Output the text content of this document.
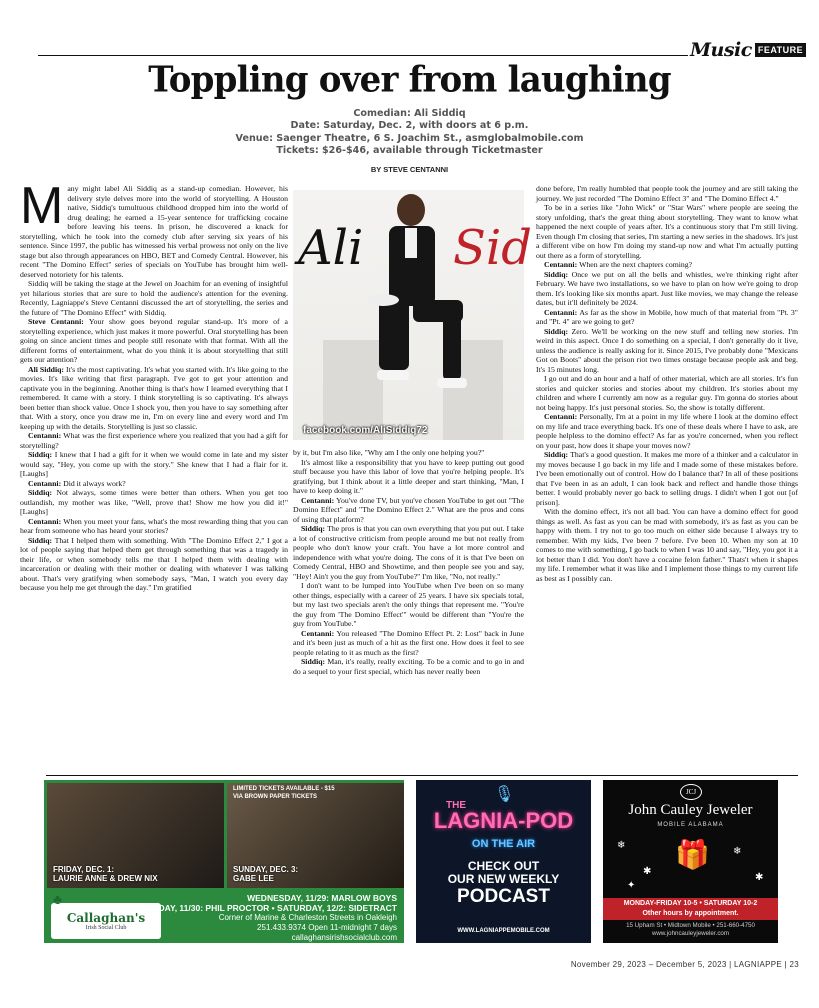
Music FEATURE
Toppling over from laughing
Comedian: Ali Siddiq
Date: Saturday, Dec. 2, with doors at 6 p.m.
Venue: Saenger Theatre, 6 S. Joachim St., asmglobalmobile.com
Tickets: $26-$46, available through Ticketmaster
BY STEVE CENTANNI
M any might label Ali Siddiq as a stand-up comedian. However, his delivery style delves more into the world of storytelling. A Houston native, Siddiq's tumultuous childhood dropped him into the world of drug dealing; he earned a 15-year sentence for trafficking cocaine before leaving his teens. In prison, he discovered a knack for storytelling, which he took into the comedy club after serving six years of his sentence. Since 1997, the public has witnessed his verbal prowess not only on the live stage but also through appearances on HBO, BET and Comedy Central. However, his recent "The Domino Effect" series of specials on YouTube has brought him well-deserved notoriety for his talents.

Siddiq will be taking the stage at the Jewel on Joachim for an evening of insightful yet hilarious stories that are sure to hold the audience's attention for the evening. Recently, Lagniappe's Steve Centanni discussed the art of storytelling, the series and the future of "The Domino Effect" with Siddiq.

Steve Centanni: Your show goes beyond regular stand-up. It's more of a storytelling experience, which just makes it more powerful. Oral storytelling has been going on since ancient times and people still resonate with that format. With all the different forms of entertainment, what do you think it is about storytelling that still gets our attention?

Ali Siddiq: It's the most captivating. It's what you started with. It's like going to the movies. It's like writing that first paragraph. I've got to get your attention and captivate you in the beginning. Another thing is that's how I learned everything that I remembered. It came with a story. I think storytelling is so captivating. It's always been better than shock value. Once I shock you, then you have to say something after that. With a story, once you draw me in, I'm on every line and every word and I'm keeping up with the details. Storytelling is just so classic.

Centanni: What was the first experience where you realized that you had a gift for storytelling?

Siddiq: I knew that I had a gift for it when we would come in late and my sister would say, "Hey, you come up with the story." She knew that I had a flair for it. [Laughs]

Centanni: Did it always work?

Siddiq: Not always, some times were better than others. When you get too outlandish, my mother was like, "Well, prove that! Show me how you did it!" [Laughs]

Centanni: When you meet your fans, what's the most rewarding thing that you can hear from someone who has heard your stories?

Siddiq: That I helped them with something. With "The Domino Effect 2," I got a lot of people saying that helped them get through something that was a tragedy in their life, or when somebody tells me that I helped them with dealing with incarceration or dealing with their mother or dealing with whatever I was talking about. That's very gratifying when somebody says, "Man, I watch you every day because you help me get through the day." I'm gratified

Ali Sid
facebook.com/AliSiddiq72

by it, but I'm also like, "Why am I the only one helping you?"

It's almost like a responsibility that you have to keep putting out good stuff because you have this labor of love that you're helping people. It's gratifying, but I think about it a little deeper and start thinking, "Man, I have to keep doing it."

Centanni: You've done TV, but you've chosen YouTube to get out "The Domino Effect" and "The Domino Effect 2." What are the pros and cons of using that platform?

Siddiq: The pros is that you can own everything that you put out. I take a lot of constructive criticism from people around me but not really from people who don't know your craft. You have a lot more control and independence with what you're doing. The cons of it is that I've been on Comedy Central, HBO and Showtime, and then people see you and say, "Hey! Ain't you the guy from YouTube?" I'm like, "No, not really."

I don't want to be lumped into YouTube when I've been on so many other things, especially with a career of 25 years. I have six specials total, but my last two specials aren't the only things that represent me. "You're the guy from 'The Domino Effect'" would be different than "You're the guy from YouTube."

Centanni: You released "The Domino Effect Pt. 2: Lost" back in June and it's been just as much of a hit as the first one. How does it feel to see people relating to it as much as the first?

Siddiq: Man, it's really, really exciting. To be a comic and to go in and do a sequel to your first special, which has never really been

done before, I'm really humbled that people took the journey and are still taking the journey. We just recorded "The Domino Effect 3" and "The Domino Effect 4."

To be in a series like "John Wick" or "Star Wars" where people are seeing the story unfolding, that's the great thing about storytelling. They want to know what happened the next couple of years after. It's a continuous story that I'm still living. Even though I'm closing that series, I'm starting a new series in the shadows. It's just a different vibe on how I'm doing my stand-up now and what I'm actually putting out there as a form of storytelling.

Centanni: When are the next chapters coming?

Siddiq: Once we put on all the bells and whistles, we're thinking right after February. We have two installations, so we have to plan on how we're going to drop them. It's looking like six months apart. Just like movies, we may change the release dates, but it'll definitely be 2024.

Centanni: As far as the show in Mobile, how much of that material from "Pt. 3" and "Pt. 4" are we going to get?

Siddiq: Zero. We'll be working on the new stuff and telling new stories. I'm weird in this aspect. Once I do something on a special, I don't generally do it live, unless the audience is really asking for it. Since 2015, I've probably done "Mexicans Got on Boots" about the prison riot two times onstage because people ask and beg. It's 15 minutes long.

I go out and do an hour and a half of other material, which are all stories. It's fun stories and quicker stories and stories about my children. It's stories about my children and where I currently am now as a regular guy. I'm gonna do stories about not being happy. It's just personal stories. So, the show is totally different.

Centanni: Personally, I'm at a point in my life where I look at the domino effect on my life and trace everything back. It's one of these deals where I have to ask, are people helpless to the domino effect? As far as you're concerned, when you reflect on your past, how does it shape your moves now?

Siddiq: That's a good question. It makes me more of a thinker and a calculator in my moves because I go back in my life and I made some of these mistakes before. I've been emotionally out of control. How do I balance that? In all of these positions that I've been in as an adult, I can look back and reflect and handle those things better. I would probably never go back to selling drugs. I didn't when I got out [of prison].

With the domino effect, it's not all bad. You can have a domino effect for good things as well. As fast as you can be mad with somebody, it's as fast as you can be happy with them. I try not to go too much on either side because I always try to remember. With my kids, I've been 7 before. I've been 10. When my son at 10 comes to me with something, I go back to when I was 10 and say, "Hey, you got it a lot better than I did. You don't have a cocaine felon father." Thats't when it shapes my life. I remember what it was like and I implement those things to my current life as best as I possibly can.

LIMITED TICKETS AVAILABLE - $15
VIA BROWN PAPER TICKETS
FRIDAY, DEC. 1:
LAURIE ANNE & DREW NIX
SUNDAY, DEC. 3:
GABE LEE
Callaghan's
Irish Social Club
♣	WEDNESDAY, 11/29: MARLOW BOYS
THURSDAY, 11/30: PHIL PROCTOR • SATURDAY, 12/2: SIDETRACT
Corner of Marine & Charleston Streets in Oakleigh
251.433.9374 Open 11-midnight 7 days
callaghansirishsocialclub.com
🎙
THE
LAGNIA-POD
ON THE AIR
CHECK OUT
OUR NEW WEEKLY
PODCAST
WWW.LAGNIAPPEMOBILE.COM
JCJ
John Cauley Jeweler
MOBILE ALABAMA
❄
✱
❄
✱
✦
🎁
MONDAY-FRIDAY 10-5 • SATURDAY 10-2
Other hours by appointment.
15 Upham St • Midtown Mobile • 251-660-4750
www.johncauleyjeweler.com
November 29, 2023 – December 5, 2023 | LAGNIAPPE | 23
